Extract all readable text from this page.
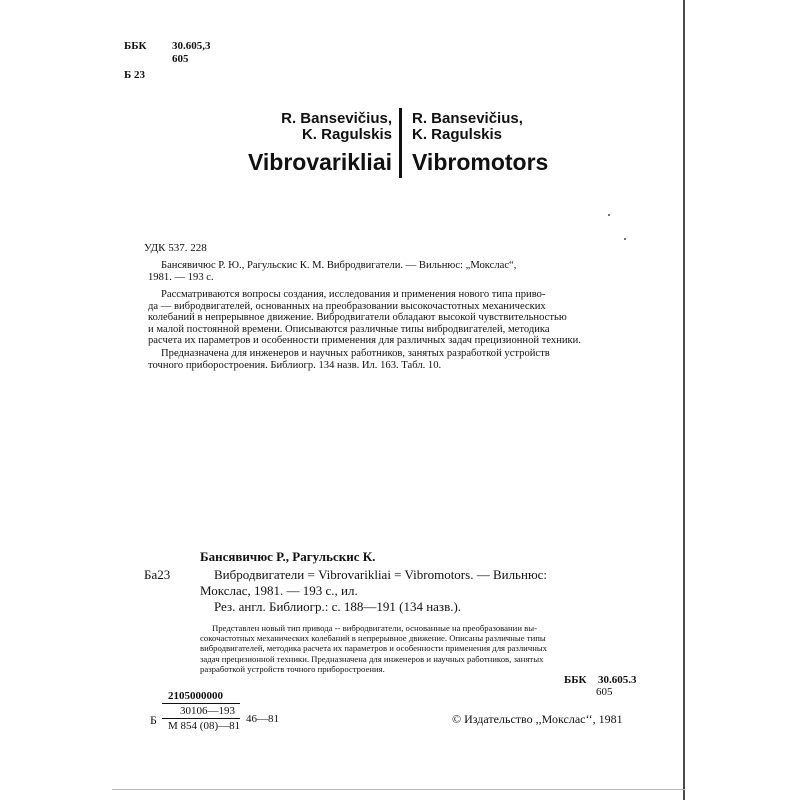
ББК 30.605,3
605
Б 23
R. Bansevičius,
K. Ragulskis
Vibrovarikliai
R. Bansevičius,
K. Ragulskis
Vibromotors
УДК 537. 228
Бансявичюс Р. Ю., Рагульскис К. М. Вибродвигатели. — Вильнюс: „Мокслас“,
1981. — 193 с.
Рассматриваются вопросы создания, исследования и применения нового типа приво-
да — вибродвигателей, основанных на преобразовании высокочастотных механических
колебаний в непрерывное движение. Вибродвигатели обладают высокой чувствительностью
и малой постоянной времени. Описываются различные типы вибродвигателей, методика
расчета их параметров и особенности применения для различных задач прецизионной техники.
Предназначена для инженеров и научных работников, занятых разработкой устройств
точного приборостроения. Библиогр. 134 назв. Ил. 163. Табл. 10.
Бансявичюс Р., Рагульскис К.
Ба23	Вибродвигатели = Vibrovarikliai = Vibromotors. — Вильнюс:
Мокслас, 1981. — 193 с., ил.
Рез. англ. Библиогр.: с. 188—191 (134 назв.).
Представлен новый тип привода -- вибродвигатели, основанные на преобразовании вы-
сокочастотных механических колебаний в непрерывное движение. Описаны различные типы
вибродвигателей, методика расчета их параметров и особенности применения для различных
задач прецизионной техники. Предназначена для инженеров и научных работников, занятых
разработкой устройств точного приборостроения.
ББК 30.605.3
605
2105000000
30106—193
Б М 854 (08)—81
46—81	© Издательство ,,Мокслас‘‘, 1981
